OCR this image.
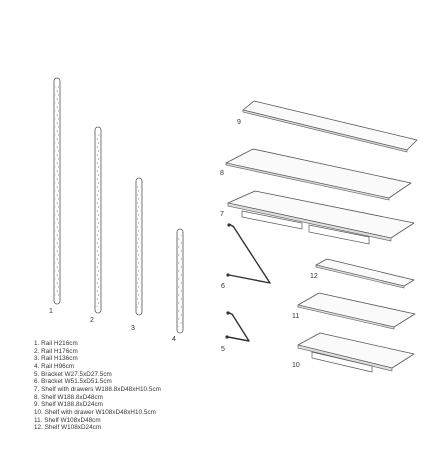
1
2
3
4
6
5
9
8
7
12
11
10
1. Rail H216cm
2. Rail H176cm
3. Rail H136cm
4. Rail H96cm
5. Bracket W27.5xD27.5cm
6. Bracket W51.5xD51.5cm
7. Shelf with drawers W188.8xD48xH10.5cm
8. Shelf W188.8xD48cm
9. Shelf W188.8xD24cm
10. Shelf with drawer W108xD48xH10.5cm
11. Shelf W108xD48cm
12. Shelf W108xD24cm
